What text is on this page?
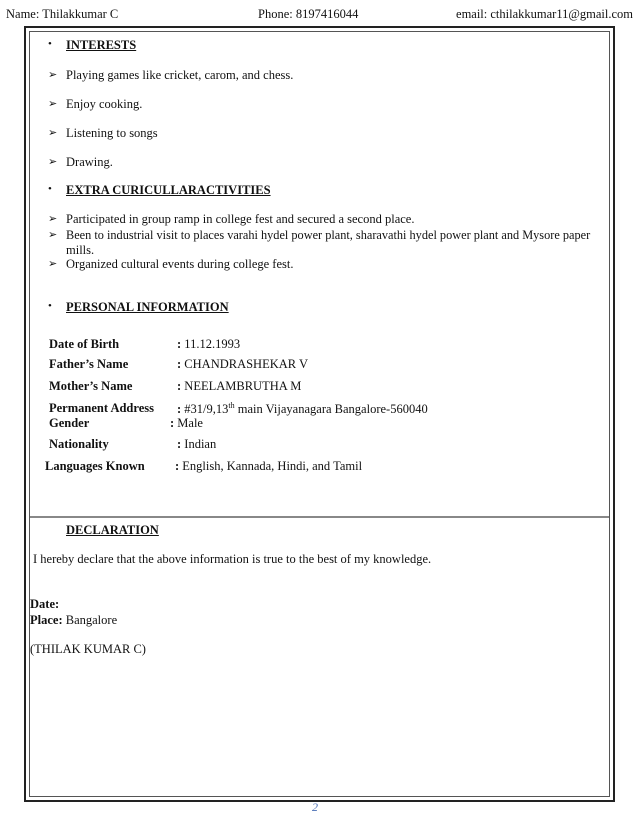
Name: Thilakkumar C	Phone: 8197416044	email: cthilakkumar11@gmail.com
• INTERESTS
➢ Playing games like cricket, carom, and chess.
➢ Enjoy cooking.
➢ Listening to songs
➢ Drawing.
• EXTRA CURICULLARACTIVITIES
➢ Participated in group ramp in college fest and secured a second place.
➢ Been to industrial visit to places varahi hydel power plant, sharavathi hydel power plant and Mysore paper
mills.
➢ Organized cultural events during college fest.
• PERSONAL INFORMATION
Date of Birth	: 11.12.1993
Father’s Name	: CHANDRASHEKAR V
Mother’s Name	: NEELAMBRUTHA M
Permanent Address : #31/9,13th main Vijayanagara Bangalore-560040
Gender	: Male
Nationality	: Indian
Languages Known : English, Kannada, Hindi, and Tamil
DECLARATION
I hereby declare that the above information is true to the best of my knowledge.
Date:
Place: Bangalore
(THILAK KUMAR C)
2
